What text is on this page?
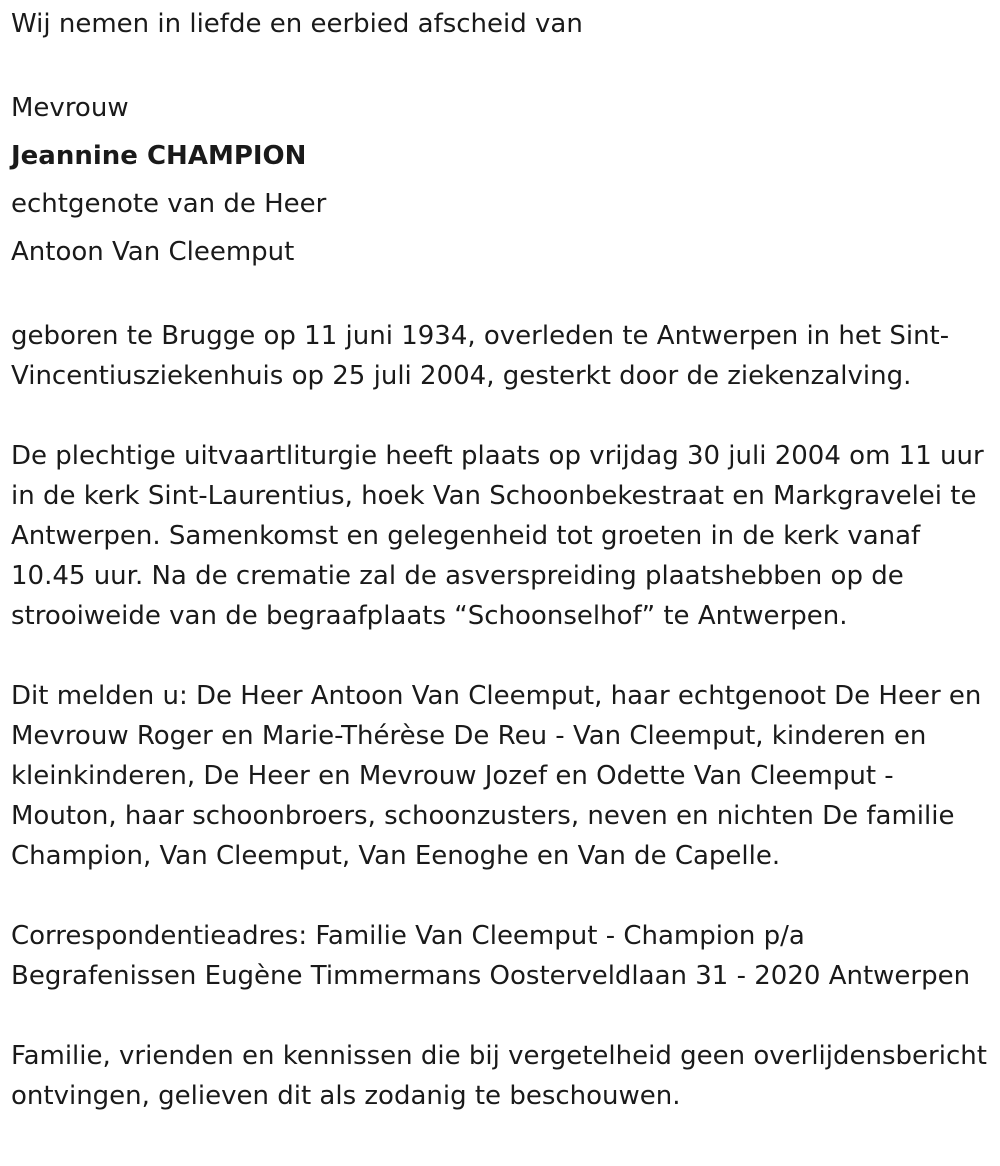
Wij nemen in liefde en eerbied afscheid van

Mevrouw

Jeannine CHAMPION

echtgenote van de Heer

Antoon Van Cleemput

geboren te Brugge op 11 juni 1934, overleden te Antwerpen in het Sint-Vincentiusziekenhuis op 25 juli 2004, gesterkt door de ziekenzalving.

De plechtige uitvaartliturgie heeft plaats op vrijdag 30 juli 2004 om 11 uur in de kerk Sint-Laurentius, hoek Van Schoonbekestraat en Markgravelei te Antwerpen. Samenkomst en gelegenheid tot groeten in de kerk vanaf 10.45 uur. Na de crematie zal de asverspreiding plaatshebben op de strooiweide van de begraafplaats “Schoonselhof” te Antwerpen.

Dit melden u: De Heer Antoon Van Cleemput, haar echtgenoot De Heer en Mevrouw Roger en Marie-Thérèse De Reu - Van Cleemput, kinderen en kleinkinderen, De Heer en Mevrouw Jozef en Odette Van Cleemput - Mouton, haar schoonbroers, schoonzusters, neven en nichten De familie Champion, Van Cleemput, Van Eenoghe en Van de Capelle.

Correspondentieadres: Familie Van Cleemput - Champion p/a Begrafenissen Eugène Timmermans Oosterveldlaan 31 - 2020 Antwerpen

Familie, vrienden en kennissen die bij vergetelheid geen overlijdensbericht ontvingen, gelieven dit als zodanig te beschouwen.
